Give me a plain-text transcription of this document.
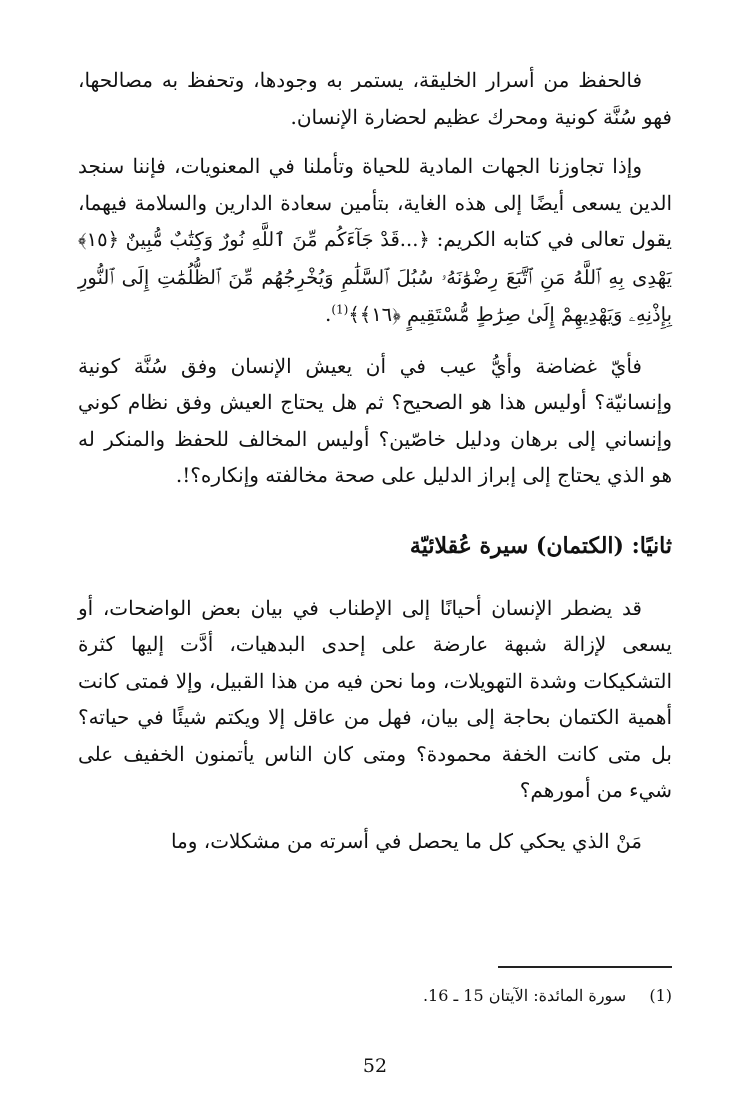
فالحفظ من أسرار الخليقة، يستمر به وجودها، وتحفظ به مصالحها، فهو سُنَّة كونية ومحرك عظيم لحضارة الإنسان.

وإذا تجاوزنا الجهات المادية للحياة وتأملنا في المعنويات، فإننا سنجد الدين يسعى أيضًا إلى هذه الغاية، بتأمين سعادة الدارين والسلامة فيهما، يقول تعالى في كتابه الكريم: ﴿...قَدْ جَآءَكُم مِّنَ ٱللَّهِ نُورٌ وَكِتَٰبٌ مُّبِينٌ ﴿١٥﴾ يَهْدِى بِهِ ٱللَّهُ مَنِ ٱتَّبَعَ رِضْوَٰنَهُۥ سُبُلَ ٱلسَّلَٰمِ وَيُخْرِجُهُم مِّنَ ٱلظُّلُمَٰتِ إِلَى ٱلنُّورِ بِإِذْنِهِۦ وَيَهْدِيهِمْ إِلَىٰ صِرَٰطٍ مُّسْتَقِيمٍ ﴿١٦﴾﴾$^{(1)}$.

فأيّ غضاضة وأيُّ عيب في أن يعيش الإنسان وفق سُنَّة كونية وإنسانيّة؟ أوليس هذا هو الصحيح؟ ثم هل يحتاج العيش وفق نظام كوني وإنساني إلى برهان ودليل خاصّين؟ أوليس المخالف للحفظ والمنكر له هو الذي يحتاج إلى إبراز الدليل على صحة مخالفته وإنكاره؟!.

ثانيًا: (الكتمان) سيرة عُقلائيّة

قد يضطر الإنسان أحيانًا إلى الإطناب في بيان بعض الواضحات، أو يسعى لإزالة شبهة عارضة على إحدى البدهيات، أدَّت إليها كثرة التشكيكات وشدة التهويلات، وما نحن فيه من هذا القبيل، وإلا فمتى كانت أهمية الكتمان بحاجة إلى بيان، فهل من عاقل إلا ويكتم شيئًا في حياته؟ بل متى كانت الخفة محمودة؟ ومتى كان الناس يأتمنون الخفيف على شيء من أمورهم؟

مَنْ الذي يحكي كل ما يحصل في أسرته من مشكلات، وما

(1) سورة المائدة: الآيتان 15 ـ 16.
52
